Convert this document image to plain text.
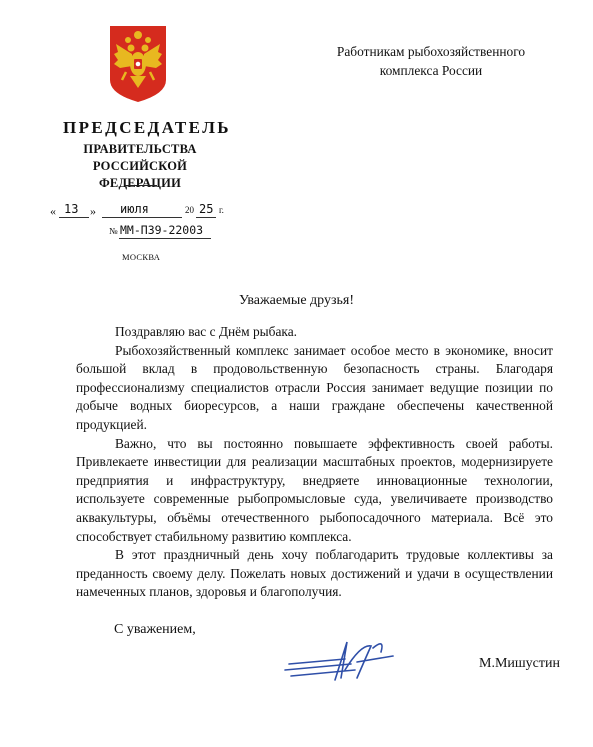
ПРЕДСЕДАТЕЛЬ
ПРАВИТЕЛЬСТВА
РОССИЙСКОЙ ФЕДЕРАЦИИ
Работникам рыбохозяйственного
комплекса России
« 13 » июля	20 25 г.
№ ММ-П39-22003
МОСКВА
Уважаемые друзья!

Поздравляю вас с Днём рыбака.

Рыбохозяйственный комплекс занимает особое место в экономике, вносит большой вклад в продовольственную безопасность страны. Благодаря профессионализму специалистов отрасли Россия занимает ведущие позиции по добыче водных биоресурсов, а наши граждане обеспечены качественной продукцией.

Важно, что вы постоянно повышаете эффективность своей работы. Привлекаете инвестиции для реализации масштабных проектов, модернизируете предприятия и инфраструктуру, внедряете инновационные технологии, используете современные рыбопромысловые суда, увеличиваете производство аквакультуры, объёмы отечественного рыбопосадочного материала. Всё это способствует стабильному развитию комплекса.

В этот праздничный день хочу поблагодарить трудовые коллективы за преданность своему делу. Пожелать новых достижений и удачи в осуществлении намеченных планов, здоровья и благополучия.

С уважением,
М.Мишустин
